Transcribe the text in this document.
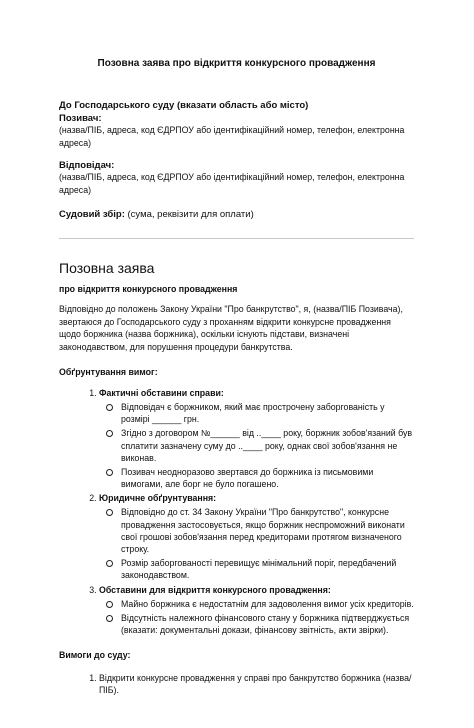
Позовна заява про відкриття конкурсного провадження
До Господарського суду (вказати область або місто)
Позивач:

(назва/ПІБ, адреса, код ЄДРПОУ або ідентифікаційний номер, телефон, електронна адреса)

Відповідач:

(назва/ПІБ, адреса, код ЄДРПОУ або ідентифікаційний номер, телефон, електронна адреса)

Судовий збір: (сума, реквізити для оплати)
Позовна заява
про відкриття конкурсного провадження

Відповідно до положень Закону України "Про банкрутство", я, (назва/ПІБ Позивача), звертаюся до Господарського суду з проханням відкрити конкурсне провадження щодо боржника (назва боржника), оскільки існують підстави, визначені законодавством, для порушення процедури банкрутства.

Обґрунтування вимог:
1. Фактичні обставини справи:
Відповідач є боржником, який має прострочену заборгованість у розмірі ______ грн.
Згідно з договором №______ від ..____ року, боржник зобов'язаний був сплатити зазначену суму до ..____ року, однак свої зобов'язання не виконав.
Позивач неодноразово звертався до боржника із письмовими вимогами, але борг не було погашено.
2. Юридичне обґрунтування:
Відповідно до ст. 34 Закону України "Про банкрутство", конкурсне провадження застосовується, якщо боржник неспроможний виконати свої грошові зобов'язання перед кредиторами протягом визначеного строку.
Розмір заборгованості перевищує мінімальний поріг, передбачений законодавством.
3. Обставини для відкриття конкурсного провадження:
Майно боржника є недостатнім для задоволення вимог усіх кредиторів.
Відсутність належного фінансового стану у боржника підтверджується (вказати: документальні докази, фінансову звітність, акти звірки).
Вимоги до суду:
1. Відкрити конкурсне провадження у справі про банкрутство боржника (назва/ПІБ).
